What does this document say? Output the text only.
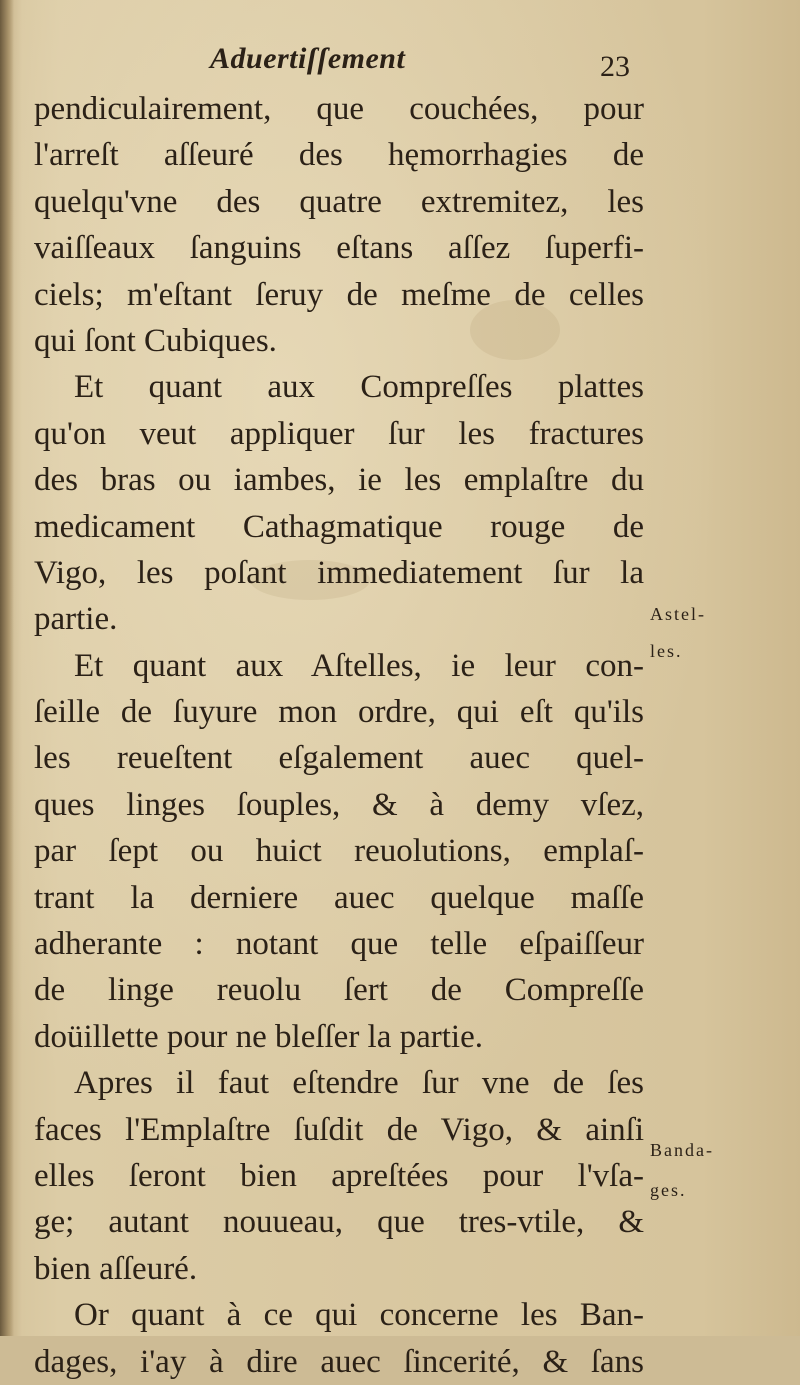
Aduertiſſement	23
pendiculairement, que couchées, pour
l'arreſt aſſeuré des hęmorrhagies de
quelqu'vne des quatre extremitez, les
vaiſſeaux ſanguins eſtans aſſez ſuperfi-
ciels; m'eſtant ſeruy de meſme de celles
qui ſont Cubiques.
Et quant aux Compreſſes plattes
qu'on veut appliquer ſur les fractures
des bras ou iambes, ie les emplaſtre du
medicament Cathagmatique rouge de
Vigo, les poſant immediatement ſur la
partie.
Et quant aux Aſtelles, ie leur con-
ſeille de ſuyure mon ordre, qui eſt qu'ils
les reueſtent eſgalement auec quel-
ques linges ſouples, & à demy vſez,
par ſept ou huict reuolutions, emplaſ-
trant la derniere auec quelque maſſe
adherante : notant que telle eſpaiſſeur
de linge reuolu ſert de Compreſſe
doüillette pour ne bleſſer la partie.
Apres il faut eſtendre ſur vne de ſes
faces l'Emplaſtre ſuſdit de Vigo, & ainſi
elles ſeront bien apreſtées pour l'vſa-
ge; autant nouueau, que tres-vtile, &
bien aſſeuré.
Or quant à ce qui concerne les Ban-
dages, i'ay à dire auec ſincerité, & ſans
Astel-
les.
Banda-
ges.
